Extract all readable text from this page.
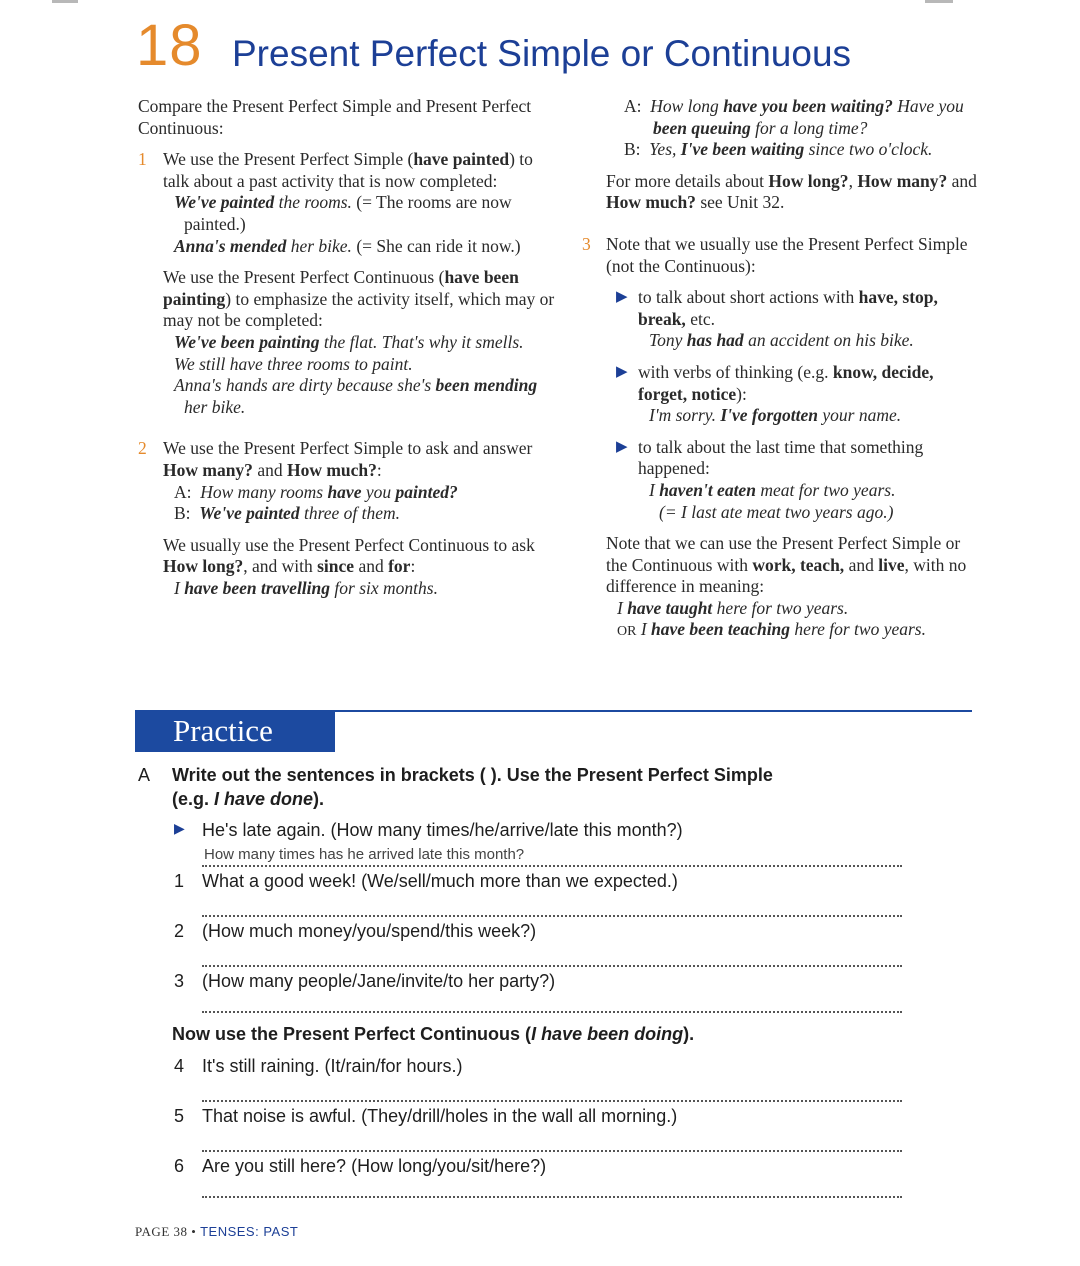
18 Present Perfect Simple or Continuous

Compare the Present Perfect Simple and Present Perfect Continuous:

1 We use the Present Perfect Simple (have painted) to talk about a past activity that is now completed:

We've painted the rooms. (= The rooms are now painted.)

Anna's mended her bike. (= She can ride it now.)

We use the Present Perfect Continuous (have been painting) to emphasize the activity itself, which may or may not be completed:

We've been painting the flat. That's why it smells.

We still have three rooms to paint.

Anna's hands are dirty because she's been mending her bike.

2 We use the Present Perfect Simple to ask and answer How many? and How much?:

A: How many rooms have you painted?

B: We've painted three of them.

We usually use the Present Perfect Continuous to ask How long?, and with since and for:

I have been travelling for six months.

A: How long have you been waiting? Have you been queuing for a long time?

B: Yes, I've been waiting since two o'clock.

For more details about How long?, How many? and How much? see Unit 32.

3 Note that we usually use the Present Perfect Simple (not the Continuous):

▶ to talk about short actions with have, stop, break, etc.

Tony has had an accident on his bike.

▶ with verbs of thinking (e.g. know, decide, forget, notice):

I'm sorry. I've forgotten your name.

▶ to talk about the last time that something happened:

I haven't eaten meat for two years.

(= I last ate meat two years ago.)

Note that we can use the Present Perfect Simple or the Continuous with work, teach, and live, with no difference in meaning:

I have taught here for two years.

OR I have been teaching here for two years.

Practice
A Write out the sentences in brackets ( ). Use the Present Perfect Simple
(e.g. I have done).
▶ He's late again. (How many times/he/arrive/late this month?)
How many times has he arrived late this month?
1 What a good week! (We/sell/much more than we expected.)
2 (How much money/you/spend/this week?)
3 (How many people/Jane/invite/to her party?)
Now use the Present Perfect Continuous (I have been doing).
4 It's still raining. (It/rain/for hours.)
5 That noise is awful. (They/drill/holes in the wall all morning.)
6 Are you still here? (How long/you/sit/here?)
PAGE 38 • TENSES: PAST
